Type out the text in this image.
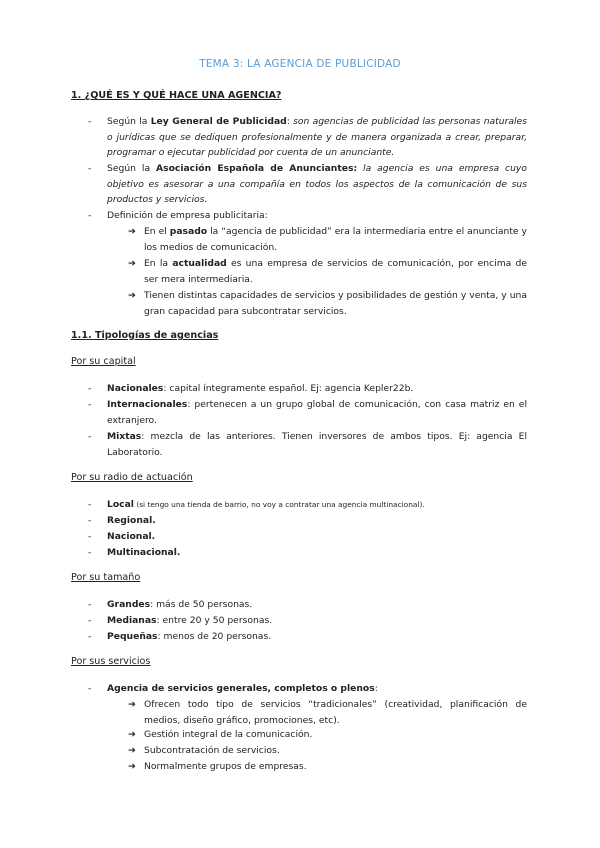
TEMA 3: LA AGENCIA DE PUBLICIDAD
1. ¿QUÉ ES Y QUÉ HACE UNA AGENCIA?
- Según la Ley General de Publicidad: son agencias de publicidad las personas naturales o jurídicas que se dediquen profesionalmente y de manera organizada a crear, preparar, programar o ejecutar publicidad por cuenta de un anunciante.
- Según la Asociación Española de Anunciantes: la agencia es una empresa cuyo objetivo es asesorar a una compañía en todos los aspectos de la comunicación de sus productos y servicios.
- Definición de empresa publicitaria:
➔ En el pasado la “agencia de publicidad” era la intermediaria entre el anunciante y los medios de comunicación.
➔ En la actualidad es una empresa de servicios de comunicación, por encima de ser mera intermediaria.
➔ Tienen distintas capacidades de servicios y posibilidades de gestión y venta, y una gran capacidad para subcontratar servicios.
1.1. Tipologías de agencias
Por su capital
- Nacionales: capital íntegramente español. Ej: agencia Kepler22b.
- Internacionales: pertenecen a un grupo global de comunicación, con casa matriz en el extranjero.
- Mixtas: mezcla de las anteriores. Tienen inversores de ambos tipos. Ej: agencia El Laboratorio.
Por su radio de actuación
- Local (si tengo una tienda de barrio, no voy a contratar una agencia multinacional).
- Regional.
- Nacional.
- Multinacional.
Por su tamaño
- Grandes: más de 50 personas.
- Medianas: entre 20 y 50 personas.
- Pequeñas: menos de 20 personas.
Por sus servicios
- Agencia de servicios generales, completos o plenos:
➔ Ofrecen todo tipo de servicios “tradicionales” (creatividad, planificación de medios, diseño gráfico, promociones, etc).
➔ Gestión integral de la comunicación.
➔ Subcontratación de servicios.
➔ Normalmente grupos de empresas.
